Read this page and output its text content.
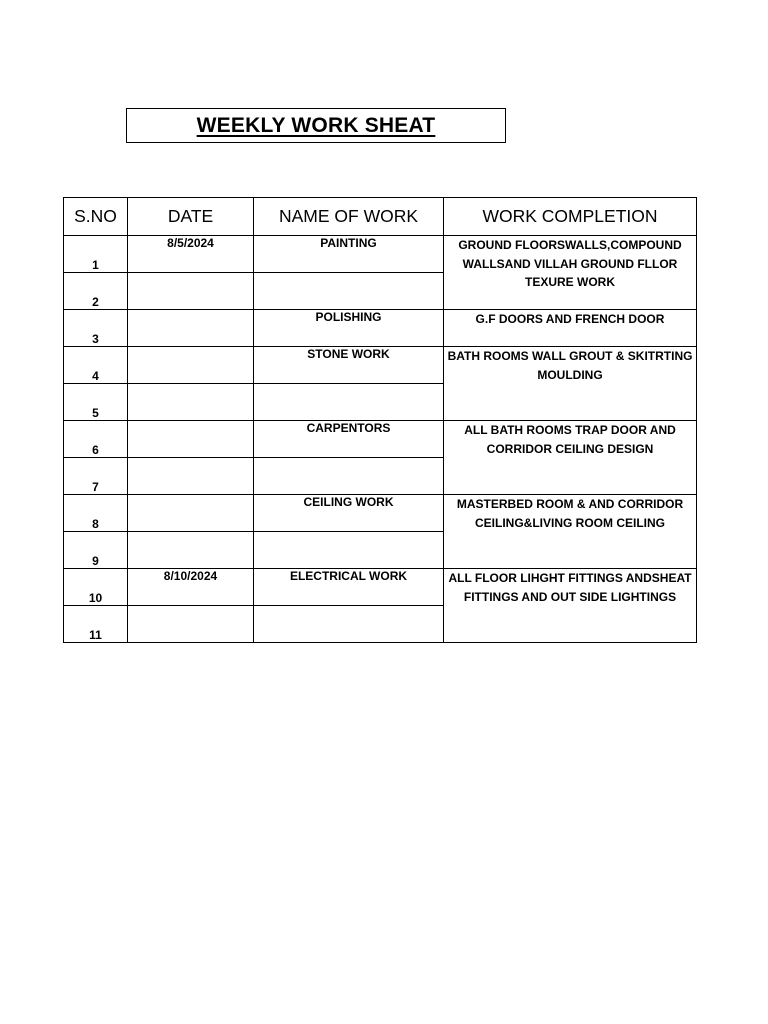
WEEKLY WORK SHEAT
S.NO	DATE	NAME OF WORK	WORK COMPLETION
1	8/5/2024	PAINTING	GROUND FLOORSWALLS,COMPOUND WALLSAND VILLAH GROUND FLLOR TEXURE WORK
2			
3		POLISHING	G.F DOORS AND FRENCH DOOR
4		STONE WORK	BATH ROOMS WALL GROUT & SKITRTING MOULDING
5			
6		CARPENTORS	ALL BATH ROOMS TRAP DOOR AND CORRIDOR CEILING DESIGN
7			
8		CEILING WORK	MASTERBED ROOM & AND CORRIDOR CEILING&LIVING ROOM CEILING
9			
10	8/10/2024	ELECTRICAL WORK	ALL FLOOR LIHGHT FITTINGS ANDSHEAT FITTINGS AND OUT SIDE LIGHTINGS
11			
